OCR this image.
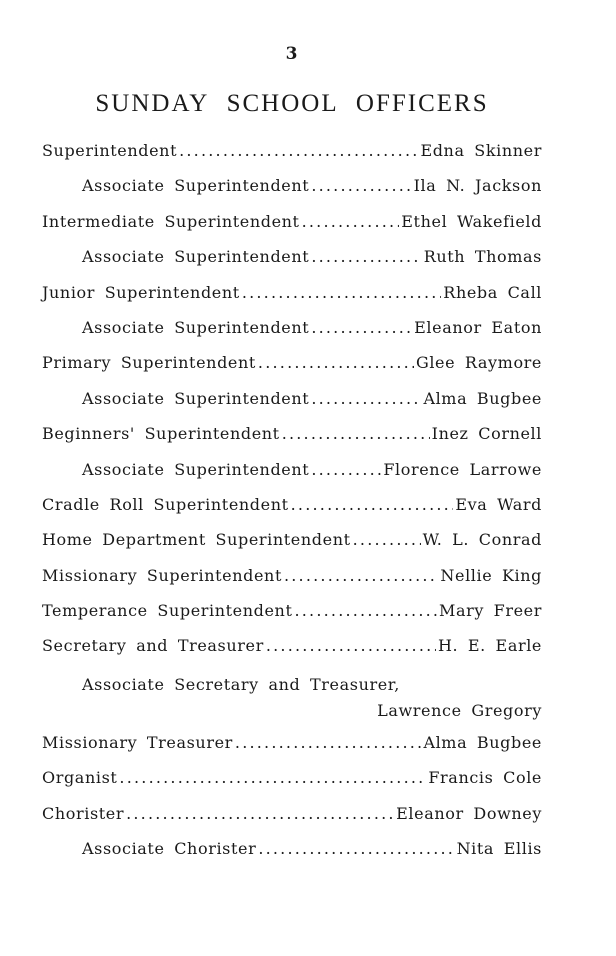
3
SUNDAY SCHOOL OFFICERS
Superintendent .....	Edna Skinner
Associate Superintendent .....	Ila N. Jackson
Intermediate Superintendent .....	Ethel Wakefield
Associate Superintendent .....	Ruth Thomas
Junior Superintendent .....	Rheba Call
Associate Superintendent .....	Eleanor Eaton
Primary Superintendent .....	Glee Raymore
Associate Superintendent .....	Alma Bugbee
Beginners' Superintendent .....	Inez Cornell
Associate Superintendent .....	Florence Larrowe
Cradle Roll Superintendent .....	Eva Ward
Home Department Superintendent .....	W. L. Conrad
Missionary Superintendent .....	Nellie King
Temperance Superintendent .....	Mary Freer
Secretary and Treasurer .....	H. E. Earle
Associate Secretary and Treasurer,
Lawrence Gregory
Missionary Treasurer .....	Alma Bugbee
Organist .....	Francis Cole
Chorister .....	Eleanor Downey
Associate Chorister .....	Nita Ellis
